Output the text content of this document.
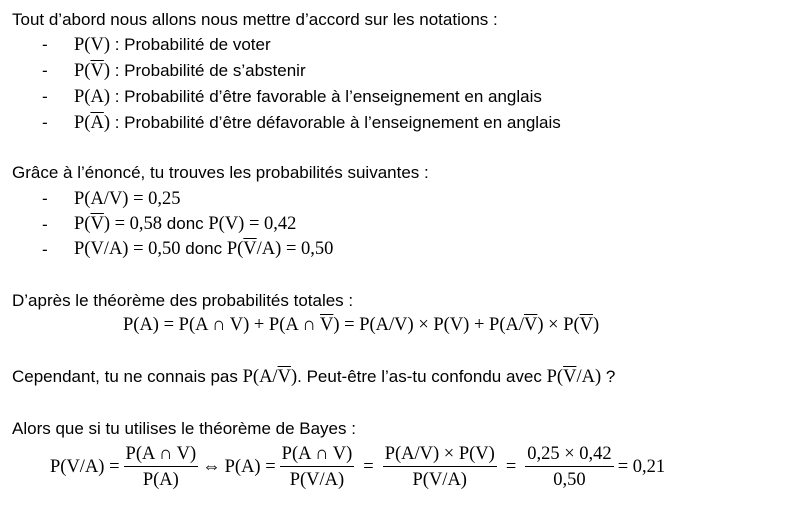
Tout d’abord nous allons nous mettre d’accord sur les notations :
- P(V) : Probabilité de voter
- $P(\overline{V})$ : Probabilité de s’abstenir
- P(A) : Probabilité d’être favorable à l’enseignement en anglais
- $P(\overline{A})$ : Probabilité d’être défavorable à l’enseignement en anglais
Grâce à l’énoncé, tu trouves les probabilités suivantes :
- P(A/V) = 0,25
- $P(\overline{V}) = 0,58$ donc P(V) = 0,42
- P(V/A) = 0,50 donc $P(\overline{V}/A) = 0,50$
D’après le théorème des probabilités totales :
P(A) = P(A ∩ V) + P(A ∩ $\overline{V}) = P(A/V) \times P(V) + P(A/\overline{V}) \times P(\overline{V})$
Cependant, tu ne connais pas $P(A/\overline{V})$. Peut-être l’as-tu confondu avec $P(\overline{V}/A)$ ?
Alors que si tu utilises le théorème de Bayes :
$P(V/A) = \frac{P(A \cap V)}{P(A)}$ ⇔ $P(A) = \frac{P(A \cap V)}{P(V/A)} = \frac{P(A/V) \times P(V)}{P(V/A)} = \frac{0,25 \times 0,42}{0,50} = 0,21$
